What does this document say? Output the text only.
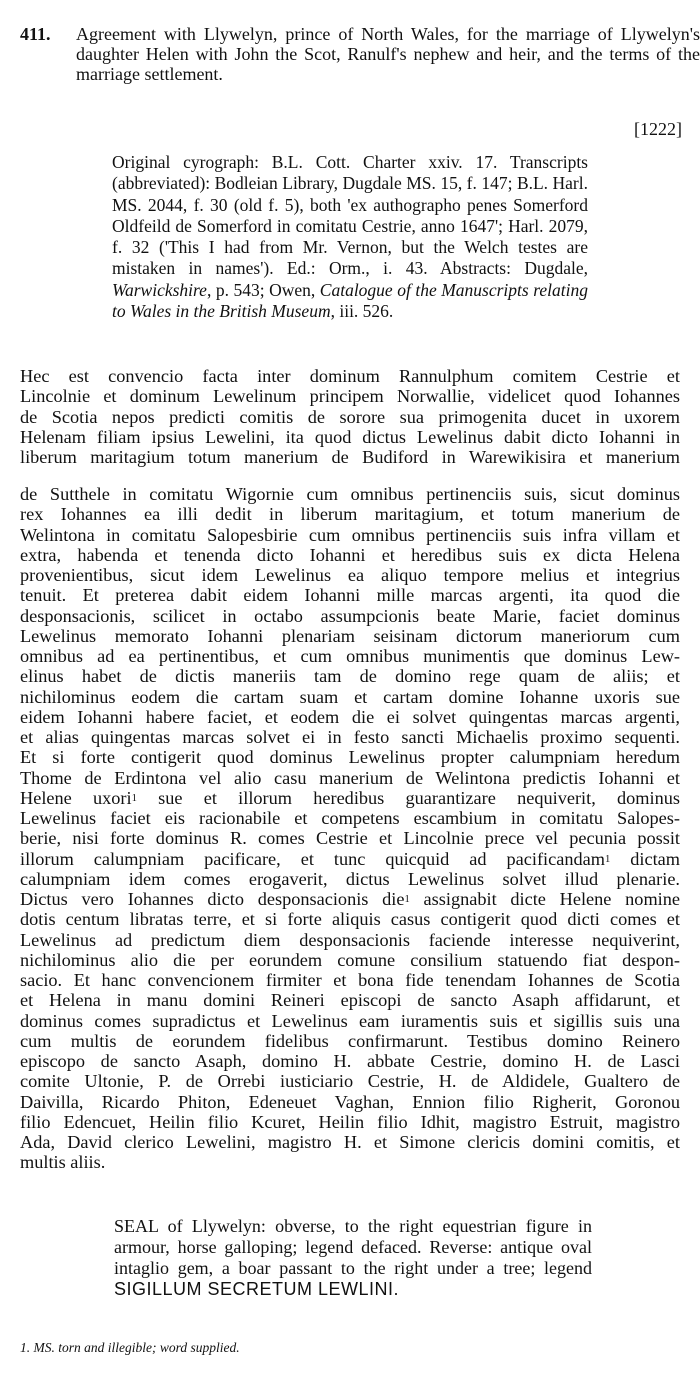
411.	Agreement with Llywelyn, prince of North Wales, for the marriage of Llywelyn's daughter Helen with John the Scot, Ranulf's nephew and heir, and the terms of the marriage settlement.
[1222]
Original cyrograph: B.L. Cott. Charter xxiv. 17. Transcripts (abbreviated): Bodleian Library, Dugdale MS. 15, f. 147; B.L. Harl. MS. 2044, f. 30 (old f. 5), both 'ex authographo penes Somerford Oldfeild de Somerford in comitatu Cestrie, anno 1647'; Harl. 2079, f. 32 ('This I had from Mr. Vernon, but the Welch testes are mistaken in names'). Ed.: Orm., i. 43. Abstracts: Dugdale, Warwickshire, p. 543; Owen, Catalogue of the Manuscripts relating to Wales in the British Museum, iii. 526.
Hec est convencio facta inter dominum Rannulphum comitem Cestrie et
Lincolnie et dominum Lewelinum principem Norwallie, videlicet quod Iohannes
de Scotia nepos predicti comitis de sorore sua primogenita ducet in uxorem
Helenam filiam ipsius Lewelini, ita quod dictus Lewelinus dabit dicto Iohanni in
liberum maritagium totum manerium de Budiford in Warewikisira et manerium
de Sutthele in comitatu Wigornie cum omnibus pertinenciis suis, sicut dominus
rex Iohannes ea illi dedit in liberum maritagium, et totum manerium de
Welintona in comitatu Salopesbirie cum omnibus pertinenciis suis infra villam et
extra, habenda et tenenda dicto Iohanni et heredibus suis ex dicta Helena
provenientibus, sicut idem Lewelinus ea aliquo tempore melius et integrius
tenuit. Et preterea dabit eidem Iohanni mille marcas argenti, ita quod die
desponsacionis, scilicet in octabo assumpcionis beate Marie, faciet dominus
Lewelinus memorato Iohanni plenariam seisinam dictorum maneriorum cum
omnibus ad ea pertinentibus, et cum omnibus munimentis que dominus Lew-
elinus habet de dictis maneriis tam de domino rege quam de aliis; et
nichilominus eodem die cartam suam et cartam domine Iohanne uxoris sue
eidem Iohanni habere faciet, et eodem die ei solvet quingentas marcas argenti,
et alias quingentas marcas solvet ei in festo sancti Michaelis proximo sequenti.
Et si forte contigerit quod dominus Lewelinus propter calumpniam heredum
Thome de Erdintona vel alio casu manerium de Welintona predictis Iohanni et
Helene uxori$^1$ sue et illorum heredibus guarantizare nequiverit, dominus
Lewelinus faciet eis racionabile et competens escambium in comitatu Salopes-
berie, nisi forte dominus R. comes Cestrie et Lincolnie prece vel pecunia possit
illorum calumpniam pacificare, et tunc quicquid ad pacificandam$^1$ dictam
calumpniam idem comes erogaverit, dictus Lewelinus solvet illud plenarie.
Dictus vero Iohannes dicto desponsacionis die$^1$ assignabit dicte Helene nomine
dotis centum libratas terre, et si forte aliquis casus contigerit quod dicti comes et
Lewelinus ad predictum diem desponsacionis faciende interesse nequiverint,
nichilominus alio die per eorundem comune consilium statuendo fiat despon-
sacio. Et hanc convencionem firmiter et bona fide tenendam Iohannes de Scotia
et Helena in manu domini Reineri episcopi de sancto Asaph affidarunt, et
dominus comes supradictus et Lewelinus eam iuramentis suis et sigillis suis una
cum multis de eorundem fidelibus confirmarunt. Testibus domino Reinero
episcopo de sancto Asaph, domino H. abbate Cestrie, domino H. de Lasci
comite Ultonie, P. de Orrebi iusticiario Cestrie, H. de Aldidele, Gualtero de
Daivilla, Ricardo Phiton, Edeneuet Vaghan, Ennion filio Righerit, Goronou
filio Edencuet, Heilin filio Kcuret, Heilin filio Idhit, magistro Estruit, magistro
Ada, David clerico Lewelini, magistro H. et Simone clericis domini comitis, et
multis aliis.
SEAL of Llywelyn: obverse, to the right equestrian figure in armour, horse galloping; legend defaced. Reverse: antique oval intaglio gem, a boar passant to the right under a tree; legend SIGILLUM SECRETUM LEWLINI.
1. MS. torn and illegible; word supplied.
